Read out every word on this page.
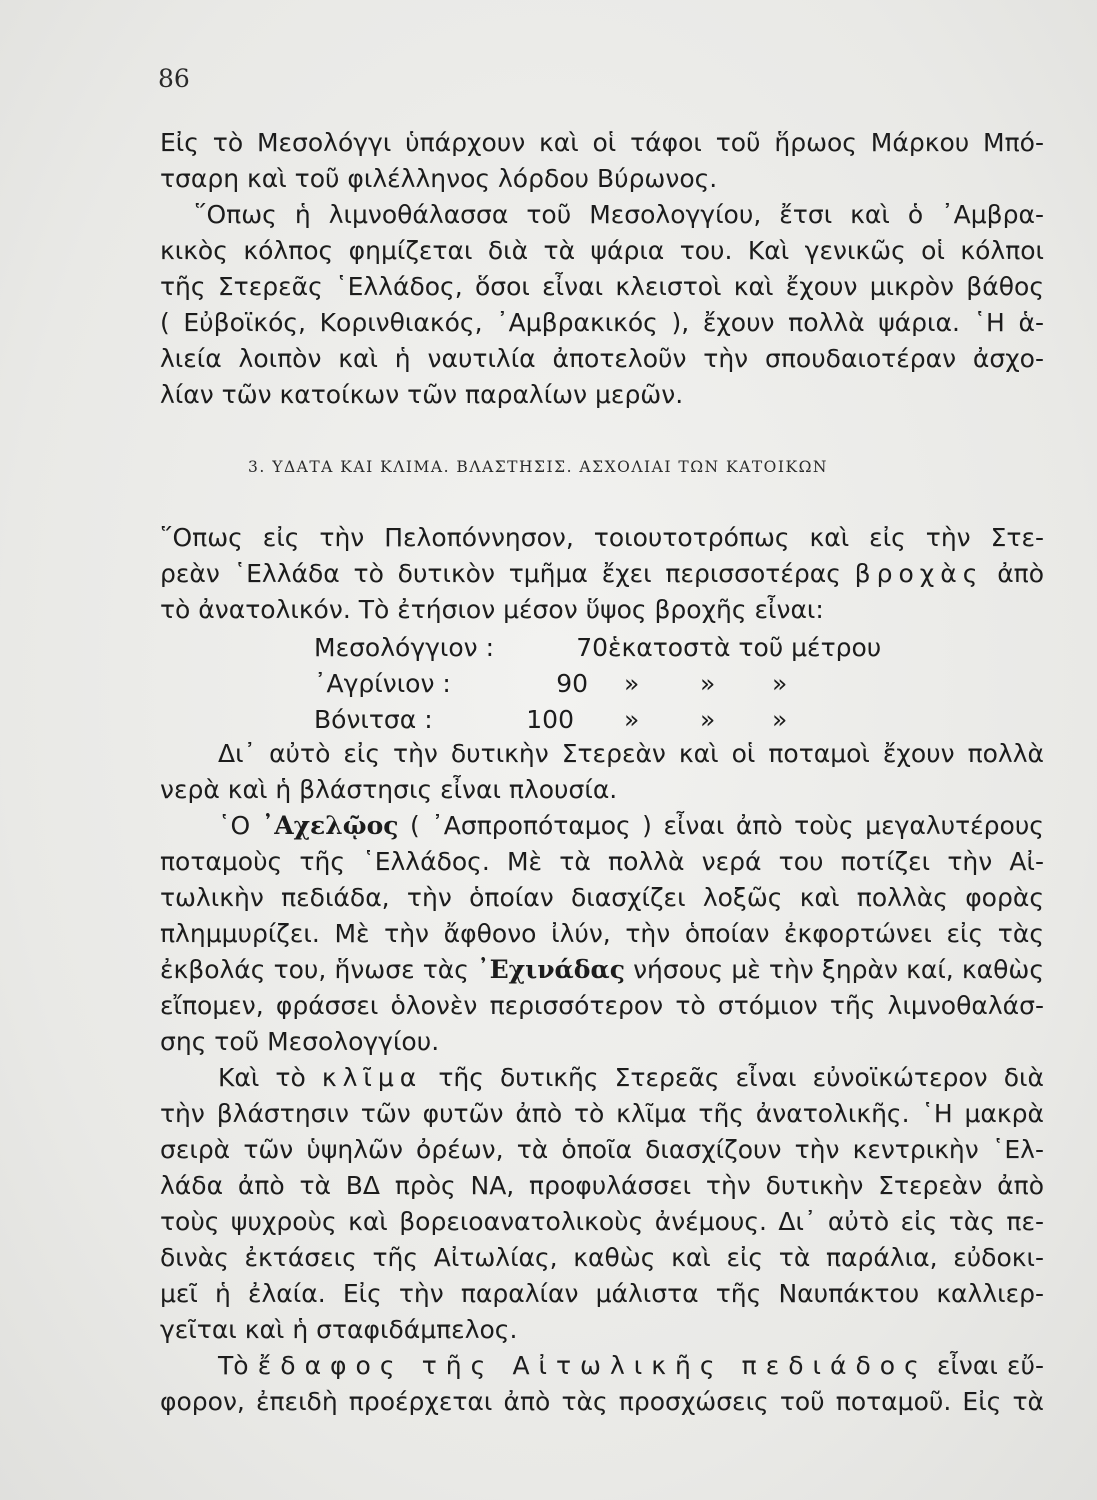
86
Εἰς τὸ Μεσολόγγι ὑπάρχουν καὶ οἱ τάφοι τοῦ ἥρωος Μάρκου Μπό-
τσαρη καὶ τοῦ φιλέλληνος λόρδου Βύρωνος.
῞Οπως ἡ λιμνοθάλασσα τοῦ Μεσολογγίου, ἔτσι καὶ ὁ ᾿Αμβρα-
κικὸς κόλπος φημίζεται διὰ τὰ ψάρια του. Καὶ γενικῶς οἱ κόλποι
τῆς Στερεᾶς ῾Ελλάδος, ὅσοι εἶναι κλειστοὶ καὶ ἔχουν μικρὸν βάθος
( Εὐβοϊκός, Κορινθιακός, ᾿Αμβρακικός ), ἔχουν πολλὰ ψάρια. ῾Η ἁ-
λιεία λοιπὸν καὶ ἡ ναυτιλία ἀποτελοῦν τὴν σπουδαιοτέραν ἀσχο-
λίαν τῶν κατοίκων τῶν παραλίων μερῶν.
3. ΥΔΑΤΑ ΚΑΙ ΚΛΙΜΑ. ΒΛΑΣΤΗΣΙΣ. ΑΣΧΟΛΙΑΙ ΤΩΝ ΚΑΤΟΙΚΩΝ
῞Οπως εἰς τὴν Πελοπόννησον, τοιουτοτρόπως καὶ εἰς τὴν Στε-
ρεὰν ῾Ελλάδα τὸ δυτικὸν τμῆμα ἔχει περισσοτέρας βροχὰς ἀπὸ
τὸ ἀνατολικόν. Τὸ ἐτήσιον μέσον ὕψος βροχῆς εἶναι:
Μεσολόγγιον :	70 ἑκατοστὰ τοῦ μέτρου
᾿Αγρίνιον :	90 » » »
Βόνιτσα :	100 » » »
Δι᾿ αὐτὸ εἰς τὴν δυτικὴν Στερεὰν καὶ οἱ ποταμοὶ ἔχουν πολλὰ
νερὰ καὶ ἡ βλάστησις εἶναι πλουσία.
῾Ο ᾿Αχελῷος ( ᾿Ασπροπόταμος ) εἶναι ἀπὸ τοὺς μεγαλυτέρους
ποταμοὺς τῆς ῾Ελλάδος. Μὲ τὰ πολλὰ νερά του ποτίζει τὴν Αἰ-
τωλικὴν πεδιάδα, τὴν ὁποίαν διασχίζει λοξῶς καὶ πολλὰς φορὰς
πλημμυρίζει. Μὲ τὴν ἄφθονο ἰλύν, τὴν ὁποίαν ἐκφορτώνει εἰς τὰς
ἐκβολάς του, ἥνωσε τὰς ᾿Εχινάδας νήσους μὲ τὴν ξηρὰν καί, καθὼς
εἴπομεν, φράσσει ὁλονὲν περισσότερον τὸ στόμιον τῆς λιμνοθαλάσ-
σης τοῦ Μεσολογγίου.
Καὶ τὸ κλῖμα τῆς δυτικῆς Στερεᾶς εἶναι εὐνοϊκώτερον διὰ
τὴν βλάστησιν τῶν φυτῶν ἀπὸ τὸ κλῖμα τῆς ἀνατολικῆς. ῾Η μακρὰ
σειρὰ τῶν ὑψηλῶν ὀρέων, τὰ ὁποῖα διασχίζουν τὴν κεντρικὴν ῾Ελ-
λάδα ἀπὸ τὰ ΒΔ πρὸς ΝΑ, προφυλάσσει τὴν δυτικὴν Στερεὰν ἀπὸ
τοὺς ψυχροὺς καὶ βορειοανατολικοὺς ἀνέμους. Δι᾿ αὐτὸ εἰς τὰς πε-
δινὰς ἐκτάσεις τῆς Αἰτωλίας, καθὼς καὶ εἰς τὰ παράλια, εὐδοκι-
μεῖ ἡ ἐλαία. Εἰς τὴν παραλίαν μάλιστα τῆς Ναυπάκτου καλλιερ-
γεῖται καὶ ἡ σταφιδάμπελος.
Τὸ ἔδαφος τῆς Αἰτωλικῆς πεδιάδος εἶναι εὔ-
φορον, ἐπειδὴ προέρχεται ἀπὸ τὰς προσχώσεις τοῦ ποταμοῦ. Εἰς τὰ
